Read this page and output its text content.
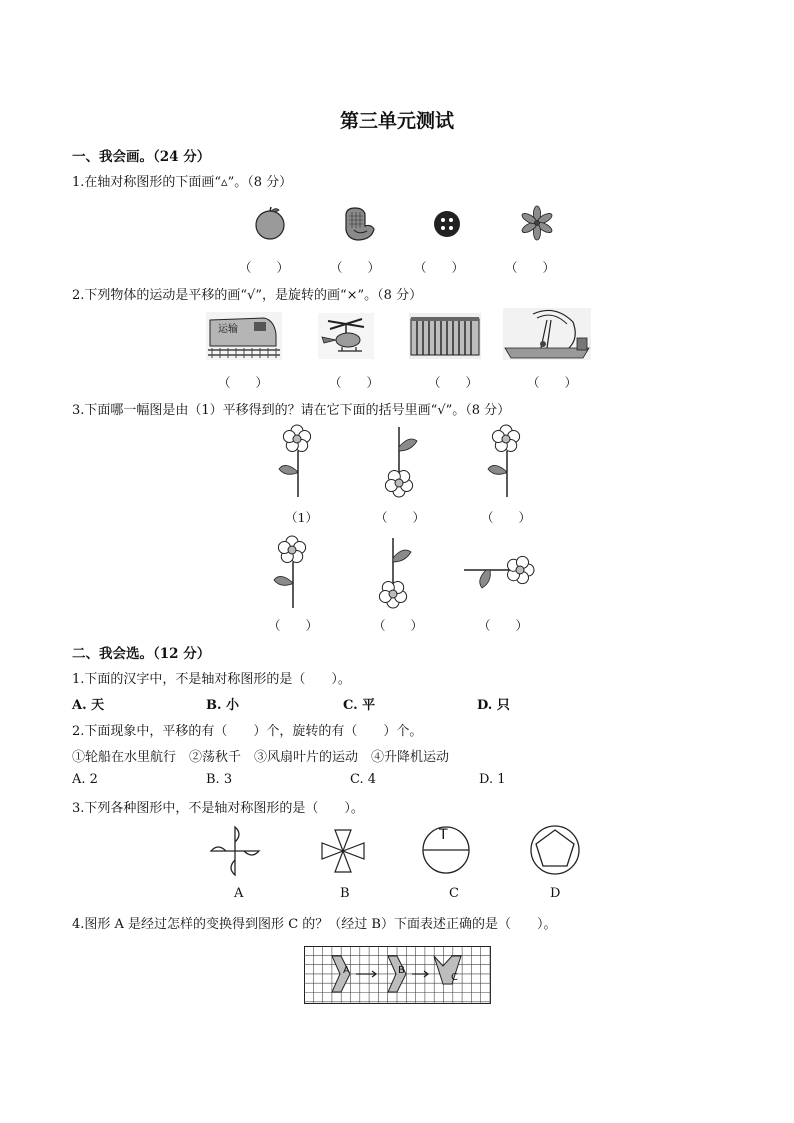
第三单元测试
一、我会画。（24 分）
1.在轴对称图形的下面画“▵”。（8 分）
（　　）	（　　）	（　　）	（　　）
2.下列物体的运动是平移的画“√”，是旋转的画“×”。（8 分）
运输
（　　）	（　　）	（　　）	（　　）
3.下面哪一幅图是由（1）平移得到的？请在它下面的括号里画“√”。（8 分）
（1）	（　　）	（　　）
（　　）	（　　）	（　　）
二、我会选。（12 分）
1.下面的汉字中，不是轴对称图形的是（　　）。
A. 天	B. 小	C. 平	D. 只
2.下面现象中，平移的有（　　）个，旋转的有（　　）个。
①轮船在水里航行　②荡秋千　③风扇叶片的运动　④升降机运动
A. 2	B. 3	C. 4	D. 1
3.下列各种图形中，不是轴对称图形的是（　　）。
T
A	B	C	D
4.图形 A 是经过怎样的变换得到图形 C 的？（经过 B）下面表述正确的是（　　）。
A	B
C
